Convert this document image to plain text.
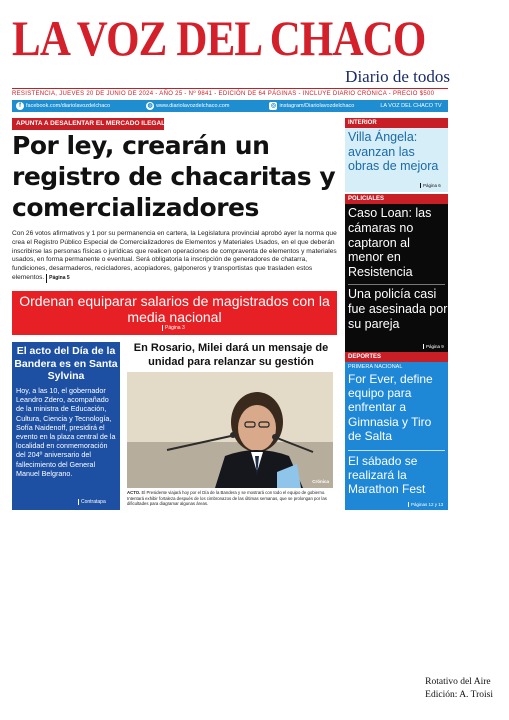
LA VOZ DEL CHACO
Diario de todos
RESISTENCIA, JUEVES 20 DE JUNIO DE 2024 - AÑO 25 - Nº 9841 - EDICIÓN DE 64 PÁGINAS - INCLUYE DIARIO CRÓNICA - PRECIO $500
f facebook.com/diariolavozdelchaco	◍ www.diariolavozdelchaco.com	◎ instagram/Diariolavozdelchaco	LA VOZ DEL CHACO TV
APUNTA A DESALENTAR EL MERCADO ILEGAL
Por ley, crearán un registro de chacaritas y comercializadores
Con 26 votos afirmativos y 1 por su permanencia en cartera, la Legislatura provincial aprobó ayer la norma que crea el Registro Público Especial de Comercializadores de Elementos y Materiales Usados, en el que deberán inscribirse las personas físicas o jurídicas que realicen operaciones de compraventa de elementos y materiales usados, en forma permanente o eventual. Será obligatoria la inscripción de generadores de chatarra, fundiciones, desarmaderos, recicladores, acopiadores, galponeros y transportistas que trasladen estos elementos. Página 5
Ordenan equiparar salarios de magistrados con la media nacional
Página 3
El acto del Día de la Bandera es en Santa Sylvina
Hoy, a las 10, el gobernador Leandro Zdero, acompañado de la ministra de Educación, Cultura, Ciencia y Tecnología, Sofía Naidenoff, presidirá el evento en la plaza central de la localidad en conmemoración del 204º aniversario del fallecimiento del General Manuel Belgrano.
Contratapa
En Rosario, Milei dará un mensaje de unidad para relanzar su gestión
Crónica
ACTO. El Presidente viajará hoy por el Día de la Bandera y se mostrará con todo el equipo de gobierno. Intentará exhibir fortaleza después de los cimbronazos de las últimas semanas, que se prolongan por las dificultades para diagramar algunas áreas.
INTERIOR
Villa Ángela: avanzan las obras de mejora
Página 6
POLICIALES
Caso Loan: las cámaras no captaron al menor en Resistencia
Una policía casi fue asesinada por su pareja
Página 9
DEPORTES
PRIMERA NACIONAL
For Ever, define equipo para enfrentar a Gimnasia y Tiro de Salta
El sábado se realizará la Marathon Fest
Páginas 12 y 13
Rotativo del Aire
Edición: A. Troisi
